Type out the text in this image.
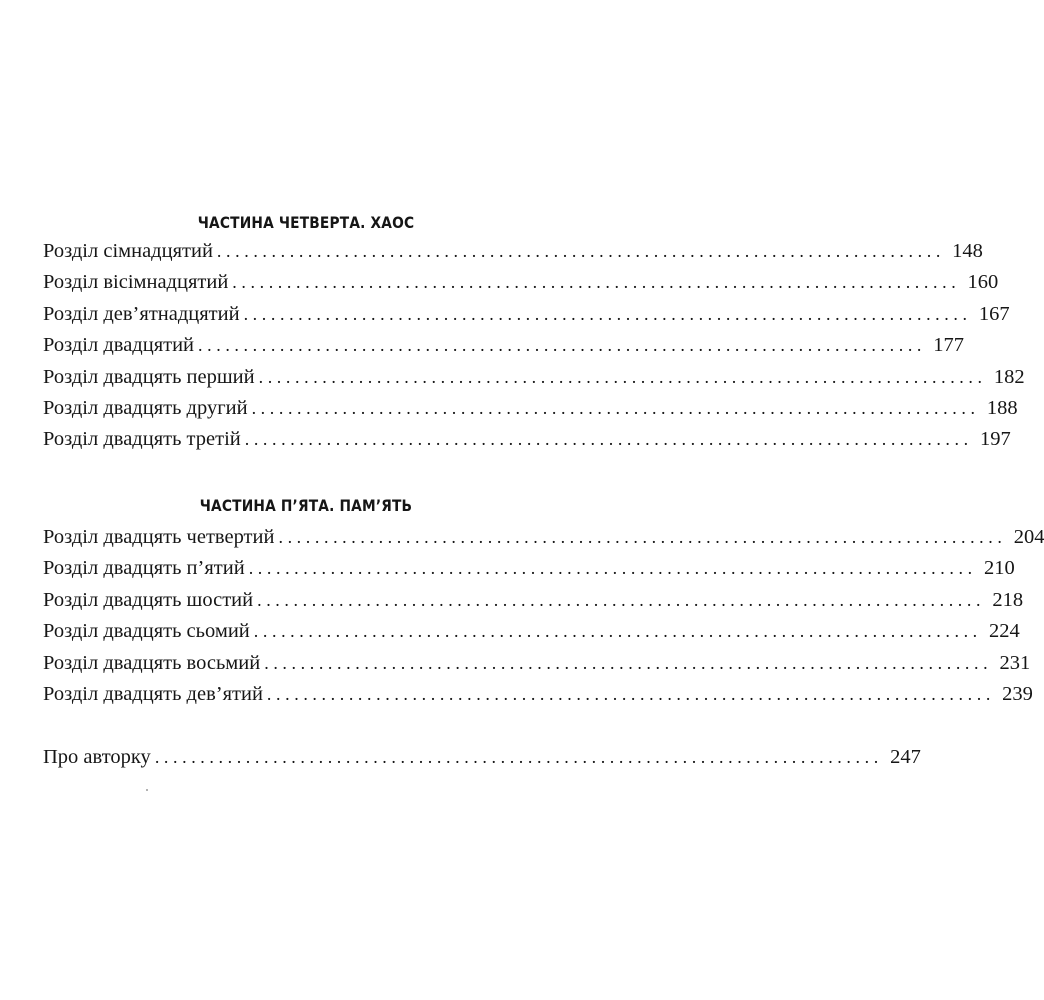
ЧАСТИНА ЧЕТВЕРТА. ХАОС
Розділ сімнадцятий ................................................................................ 148
Розділ вісімнадцятий ................................................................................ 160
Розділ дев’ятнадцятий ................................................................................ 167
Розділ двадцятий ................................................................................ 177
Розділ двадцять перший ................................................................................ 182
Розділ двадцять другий ................................................................................ 188
Розділ двадцять третій ................................................................................ 197
ЧАСТИНА П’ЯТА. ПАМ’ЯТЬ
Розділ двадцять четвертий ................................................................................ 204
Розділ двадцять п’ятий ................................................................................ 210
Розділ двадцять шостий ................................................................................ 218
Розділ двадцять сьомий ................................................................................ 224
Розділ двадцять восьмий ................................................................................ 231
Розділ двадцять дев’ятий ................................................................................ 239
Про авторку ................................................................................ 247
